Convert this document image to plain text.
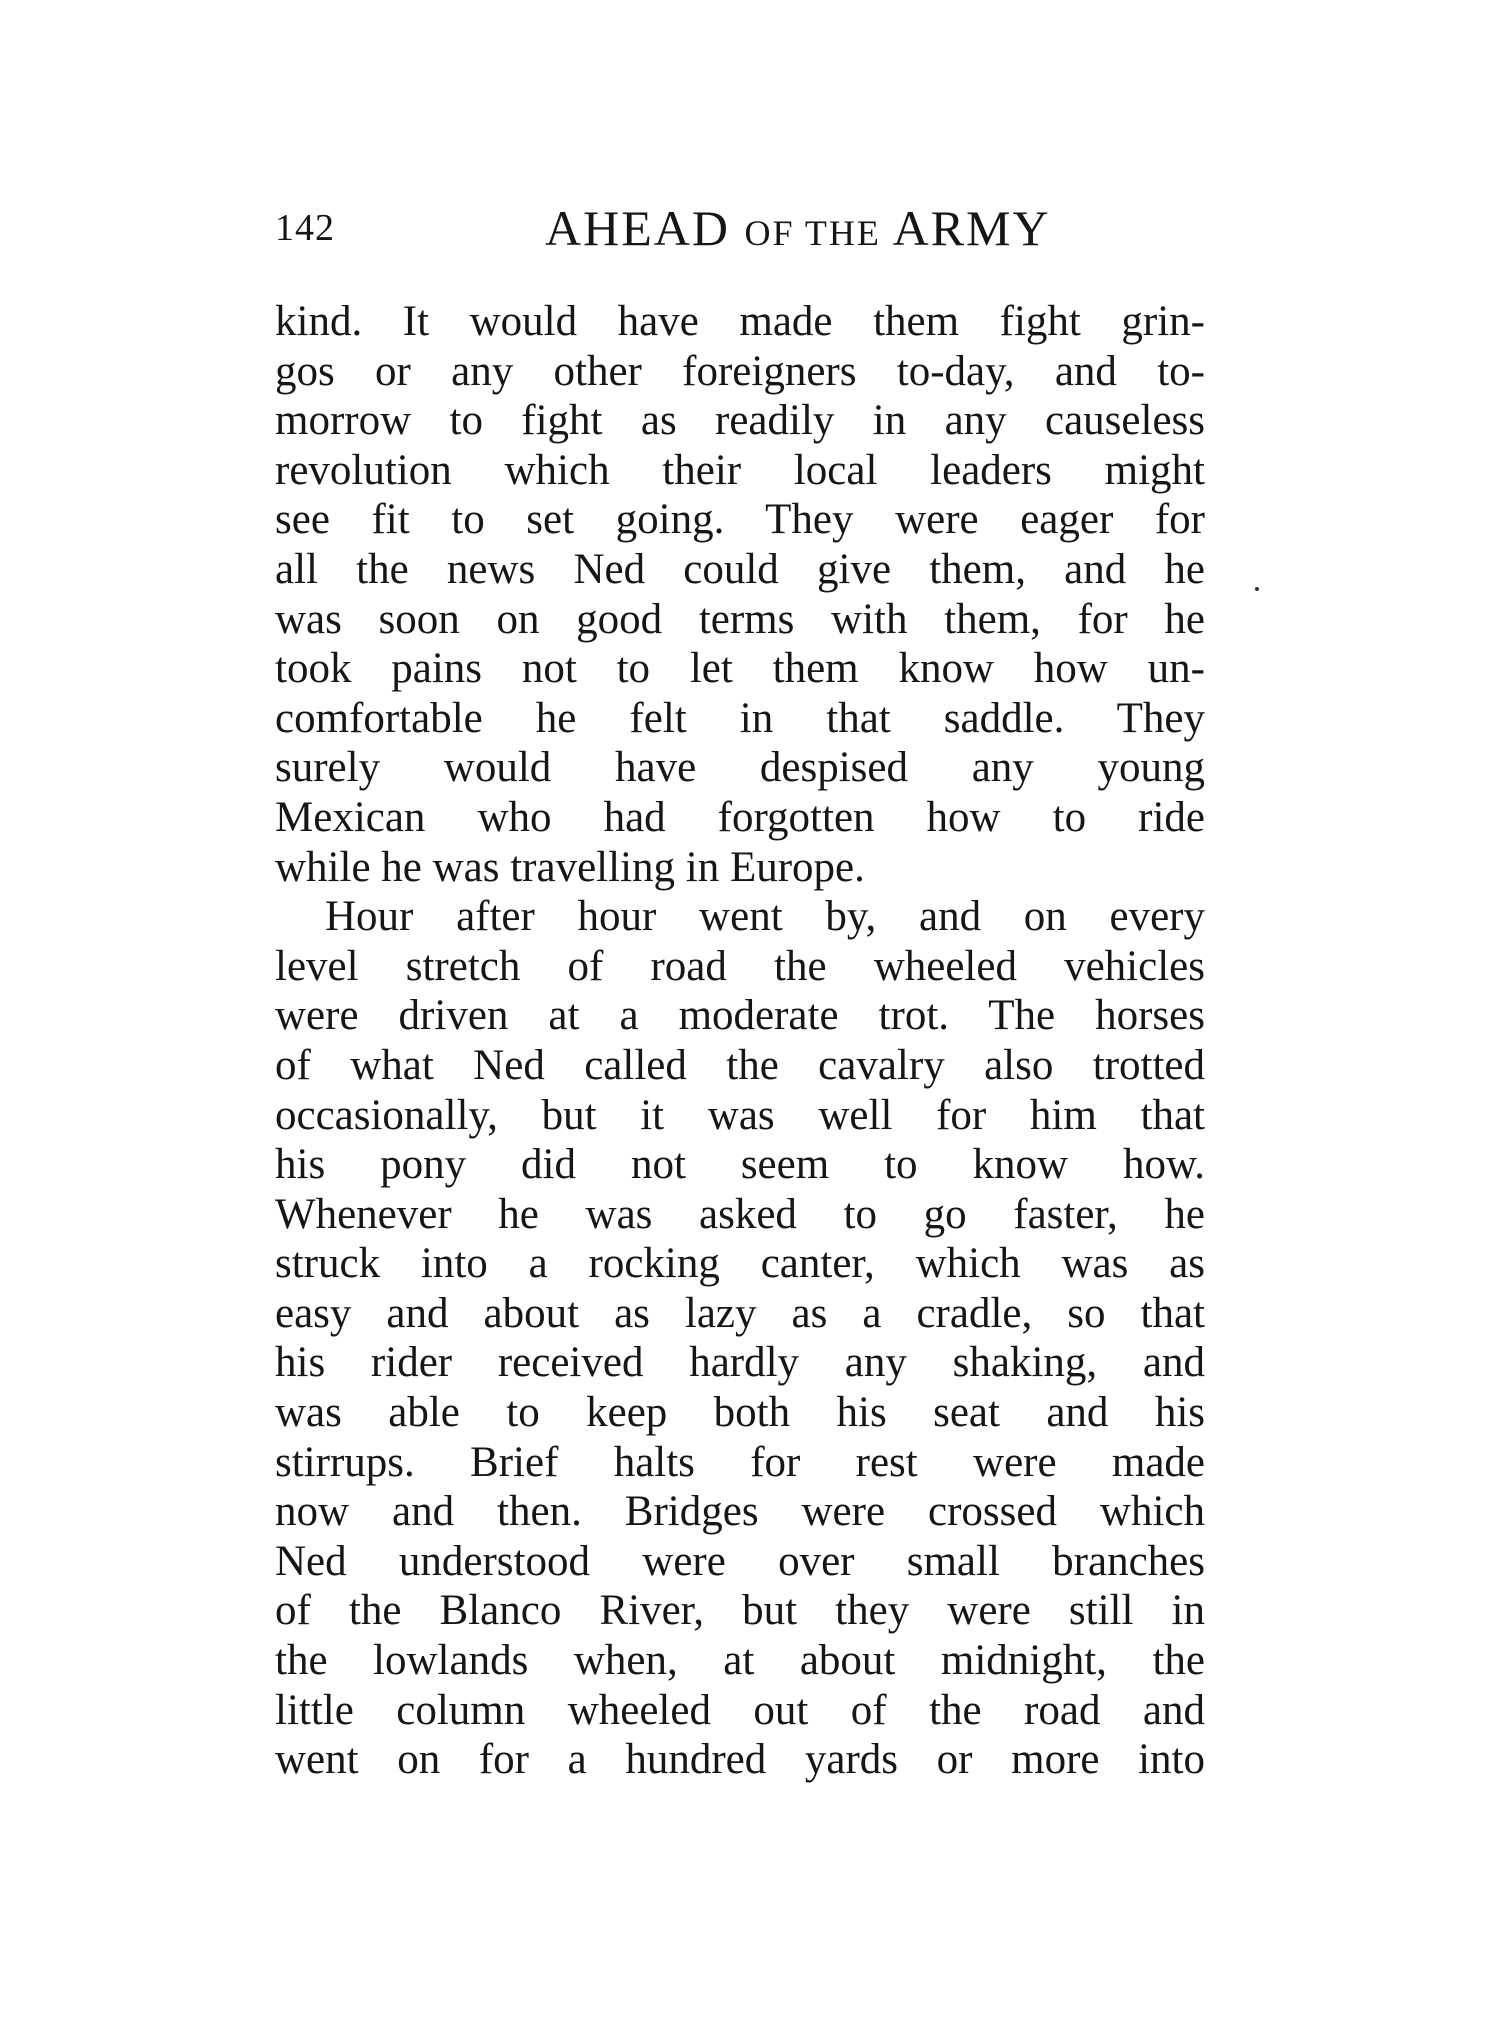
142	AHEAD OF THE ARMY
kind. It would have made them fight grin-
gos or any other foreigners to-day, and to-
morrow to fight as readily in any causeless
revolution which their local leaders might
see fit to set going. They were eager for
all the news Ned could give them, and he
was soon on good terms with them, for he
took pains not to let them know how un-
comfortable he felt in that saddle. They
surely would have despised any young
Mexican who had forgotten how to ride
while he was travelling in Europe.
Hour after hour went by, and on every
level stretch of road the wheeled vehicles
were driven at a moderate trot. The horses
of what Ned called the cavalry also trotted
occasionally, but it was well for him that
his pony did not seem to know how.
Whenever he was asked to go faster, he
struck into a rocking canter, which was as
easy and about as lazy as a cradle, so that
his rider received hardly any shaking, and
was able to keep both his seat and his
stirrups. Brief halts for rest were made
now and then. Bridges were crossed which
Ned understood were over small branches
of the Blanco River, but they were still in
the lowlands when, at about midnight, the
little column wheeled out of the road and
went on for a hundred yards or more into
